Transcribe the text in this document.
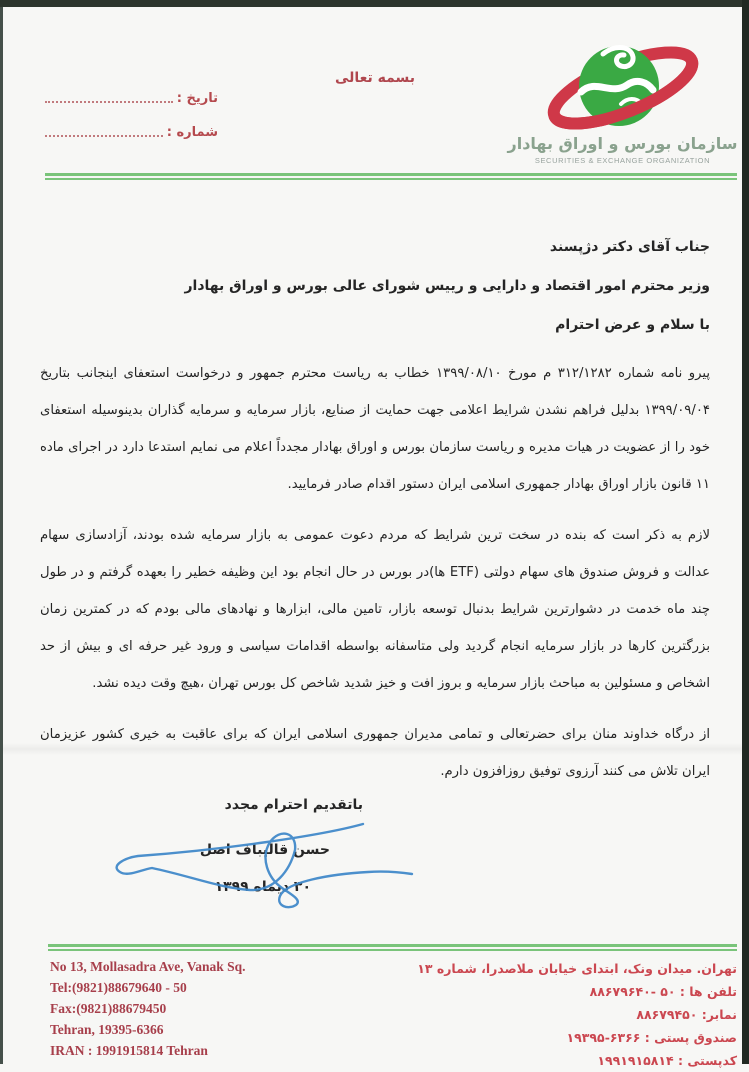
بسمه تعالی
سازمان بورس و اوراق بهادار
SECURITIES & EXCHANGE ORGANIZATION
تاریخ :
شماره :

جناب آقای دکتر دژپسند

وزیر محترم امور اقتصاد و دارایی و رییس شورای عالی بورس و اوراق بهادار

با سلام و عرض احترام

پیرو نامه شماره ۳۱۲/۱۲۸۲ م مورخ ۱۳۹۹/۰۸/۱۰ خطاب به ریاست محترم جمهور و درخواست استعفای اینجانب بتاریخ ۱۳۹۹/۰۹/۰۴ بدلیل فراهم نشدن شرایط اعلامی جهت حمایت از صنایع، بازار سرمایه و سرمایه گذاران بدینوسیله استعفای خود را از عضویت در هیات مدیره و ریاست سازمان بورس و اوراق بهادار مجدداً اعلام می نمایم استدعا دارد در اجرای ماده ۱۱ قانون بازار اوراق بهادار جمهوری اسلامی ایران دستور اقدام صادر فرمایید.

لازم به ذکر است که بنده در سخت ترین شرایط که مردم دعوت عمومی به بازار سرمایه شده بودند، آزادسازی سهام عدالت و فروش صندوق های سهام دولتی (ETF ها)در بورس در حال انجام بود این وظیفه خطیر را بعهده گرفتم و در طول چند ماه خدمت در دشوارترین شرایط بدنبال توسعه بازار، تامین مالی، ابزارها و نهادهای مالی بودم که در کمترین زمان بزرگترین کارها در بازار سرمایه انجام گردید ولی متاسفانه بواسطه اقدامات سیاسی و ورود غیر حرفه ای و بیش از حد اشخاص و مسئولین به مباحث بازار سرمایه و بروز افت و خیز شدید شاخص کل بورس تهران ،هیچ وقت دیده نشد.

از درگاه خداوند منان برای حضرتعالی و تمامی مدیران جمهوری اسلامی ایران که برای عاقبت به خیری کشور عزیزمان ایران تلاش می کنند آرزوی توفیق روزافزون دارم.

باتقدیم احترام مجدد
حسن قالیباف اصل
۳۰ دیماه ۱۳۹۹
No 13, Mollasadra Ave, Vanak Sq.
Tel:(9821)88679640 - 50
Fax:(9821)88679450
Tehran, 19395-6366
IRAN : 1991915814 Tehran
تهران. میدان ونک، ابتدای خیابان ملاصدرا، شماره ۱۳
تلفن ها : ۵۰ -۸۸۶۷۹۶۴۰
نمابر: ۸۸۶۷۹۴۵۰
صندوق پستی : ۶۳۶۶-۱۹۳۹۵
کدپستی : ۱۹۹۱۹۱۵۸۱۴
